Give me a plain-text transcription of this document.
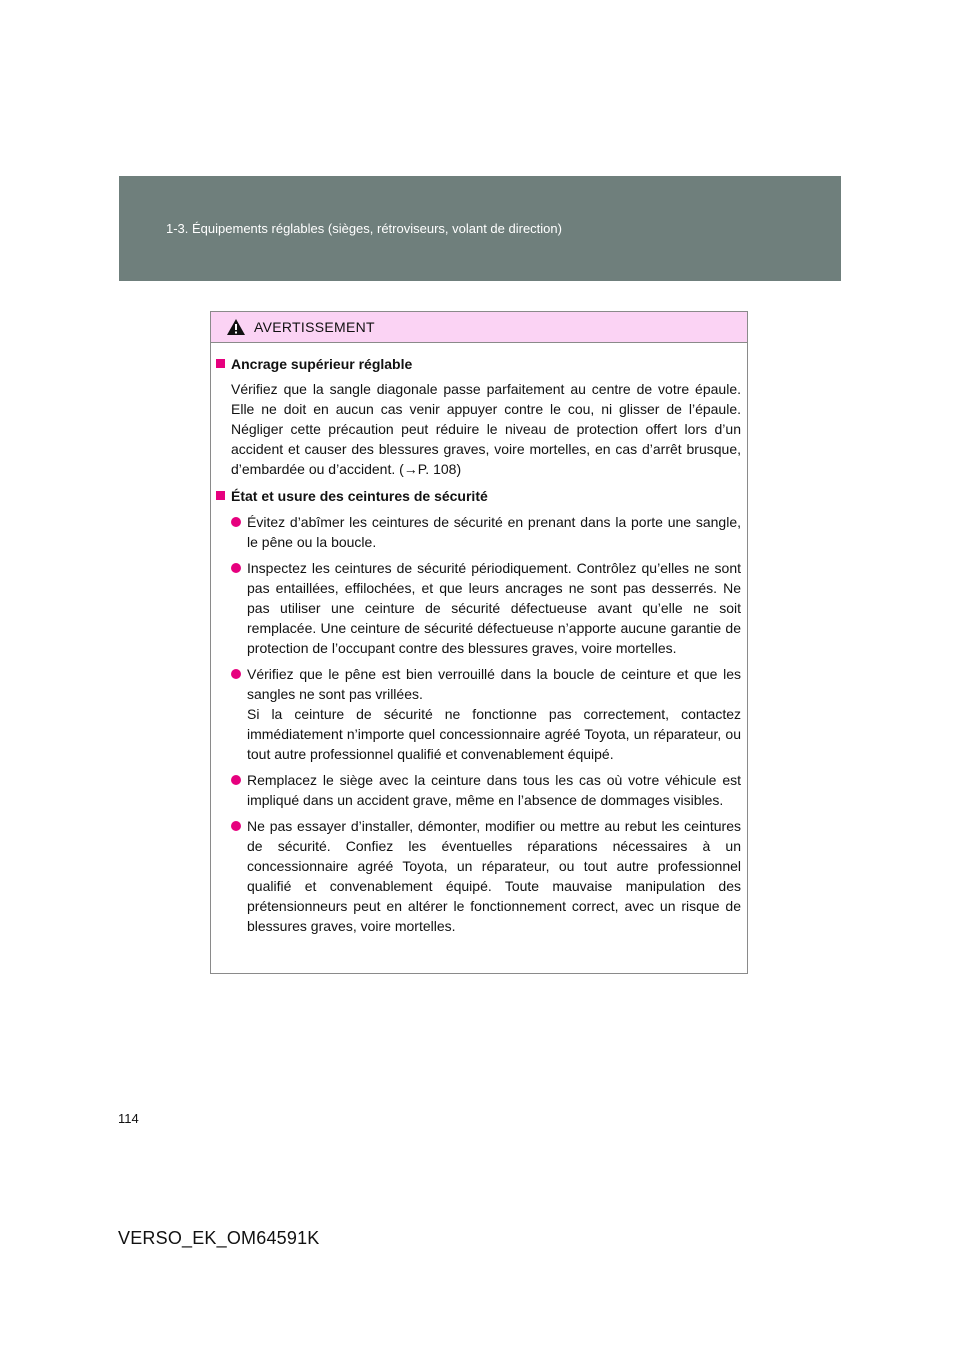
1-3. Équipements réglables (sièges, rétroviseurs, volant de direction)
AVERTISSEMENT
Ancrage supérieur réglable
Vérifiez que la sangle diagonale passe parfaitement au centre de votre épaule. Elle ne doit en aucun cas venir appuyer contre le cou, ni glisser de l’épaule. Négliger cette précaution peut réduire le niveau de protection offert lors d’un accident et causer des blessures graves, voire mortelles, en cas d’arrêt brusque, d’embardée ou d’accident. (→P. 108)
État et usure des ceintures de sécurité
Évitez d’abîmer les ceintures de sécurité en prenant dans la porte une sangle, le pêne ou la boucle.
Inspectez les ceintures de sécurité périodiquement. Contrôlez qu’elles ne sont pas entaillées, effilochées, et que leurs ancrages ne sont pas desserrés. Ne pas utiliser une ceinture de sécurité défectueuse avant qu’elle ne soit remplacée. Une ceinture de sécurité défectueuse n’apporte aucune garantie de protection de l’occupant contre des blessures graves, voire mortelles.
Vérifiez que le pêne est bien verrouillé dans la boucle de ceinture et que les sangles ne sont pas vrillées.
Si la ceinture de sécurité ne fonctionne pas correctement, contactez immédiatement n’importe quel concessionnaire agréé Toyota, un réparateur, ou tout autre professionnel qualifié et convenablement équipé.
Remplacez le siège avec la ceinture dans tous les cas où votre véhicule est impliqué dans un accident grave, même en l’absence de dommages visibles.
Ne pas essayer d’installer, démonter, modifier ou mettre au rebut les ceintures de sécurité. Confiez les éventuelles réparations nécessaires à un concessionnaire agréé Toyota, un réparateur, ou tout autre professionnel qualifié et convenablement équipé. Toute mauvaise manipulation des prétensionneurs peut en altérer le fonctionnement correct, avec un risque de blessures graves, voire mortelles.
114
VERSO_EK_OM64591K
